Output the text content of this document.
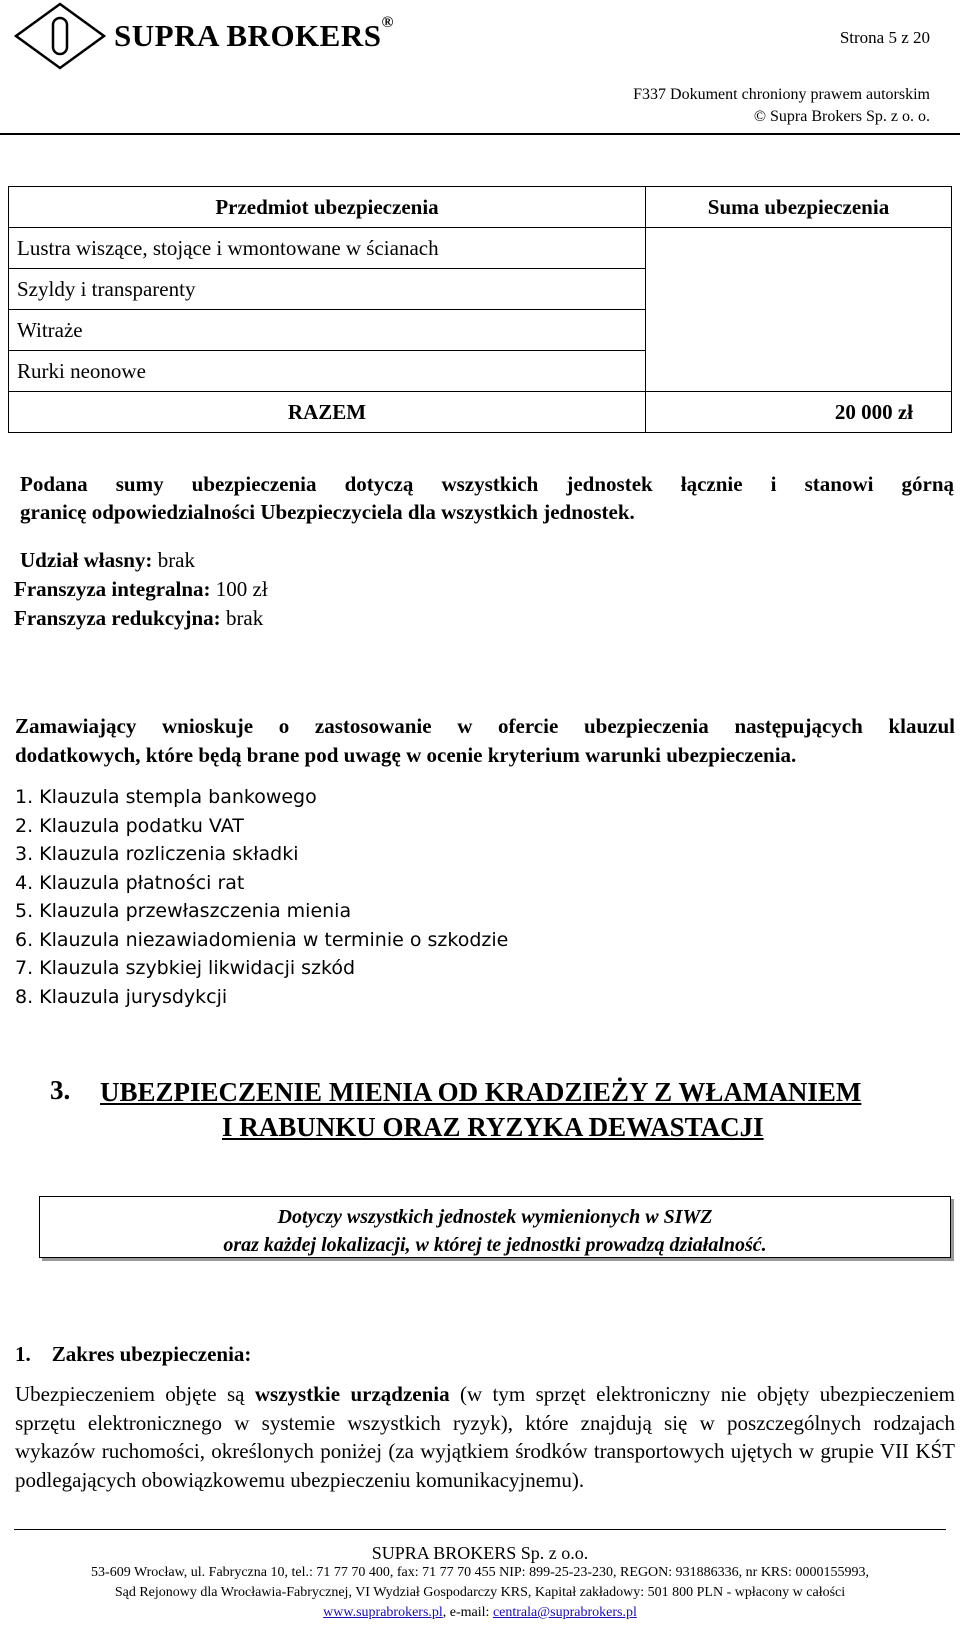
SUPRA BROKERS®
Strona 5 z 20
F337 Dokument chroniony prawem autorskim
© Supra Brokers Sp. z o. o.
Przedmiot ubezpieczenia	Suma ubezpieczenia
Lustra wiszące, stojące i wmontowane w ścianach	
Szyldy i transparenty	
Witraże	
Rurki neonowe	
RAZEM	20 000 zł
Podana sumy ubezpieczenia dotyczą wszystkich jednostek łącznie i stanowi górną
granicę odpowiedzialności Ubezpieczyciela dla wszystkich jednostek.
Udział własny: brak
Franszyza integralna: 100 zł
Franszyza redukcyjna: brak
Zamawiający wnioskuje o zastosowanie w ofercie ubezpieczenia następujących klauzul
dodatkowych, które będą brane pod uwagę w ocenie kryterium warunki ubezpieczenia.
1. Klauzula stempla bankowego
2. Klauzula podatku VAT
3. Klauzula rozliczenia składki
4. Klauzula płatności rat
5. Klauzula przewłaszczenia mienia
6. Klauzula niezawiadomienia w terminie o szkodzie
7. Klauzula szybkiej likwidacji szkód
8. Klauzula jurysdykcji
3. UBEZPIECZENIE MIENIA OD KRADZIEŻY Z WŁAMANIEM
I RABUNKU ORAZ RYZYKA DEWASTACJI
Dotyczy wszystkich jednostek wymienionych w SIWZ
oraz każdej lokalizacji, w której te jednostki prowadzą działalność.
1. Zakres ubezpieczenia:
Ubezpieczeniem objęte są wszystkie urządzenia (w tym sprzęt elektroniczny nie objęty ubezpieczeniem sprzętu elektronicznego w systemie wszystkich ryzyk), które znajdują się w poszczególnych rodzajach wykazów ruchomości, określonych poniżej (za wyjątkiem środków transportowych ujętych w grupie VII KŚT podlegających obowiązkowemu ubezpieczeniu komunikacyjnemu).
SUPRA BROKERS Sp. z o.o.
53-609 Wrocław, ul. Fabryczna 10, tel.: 71 77 70 400, fax: 71 77 70 455 NIP: 899-25-23-230, REGON: 931886336, nr KRS: 0000155993,
Sąd Rejonowy dla Wrocławia-Fabrycznej, VI Wydział Gospodarczy KRS, Kapitał zakładowy: 501 800 PLN - wpłacony w całości
www.suprabrokers.pl, e-mail: centrala@suprabrokers.pl
